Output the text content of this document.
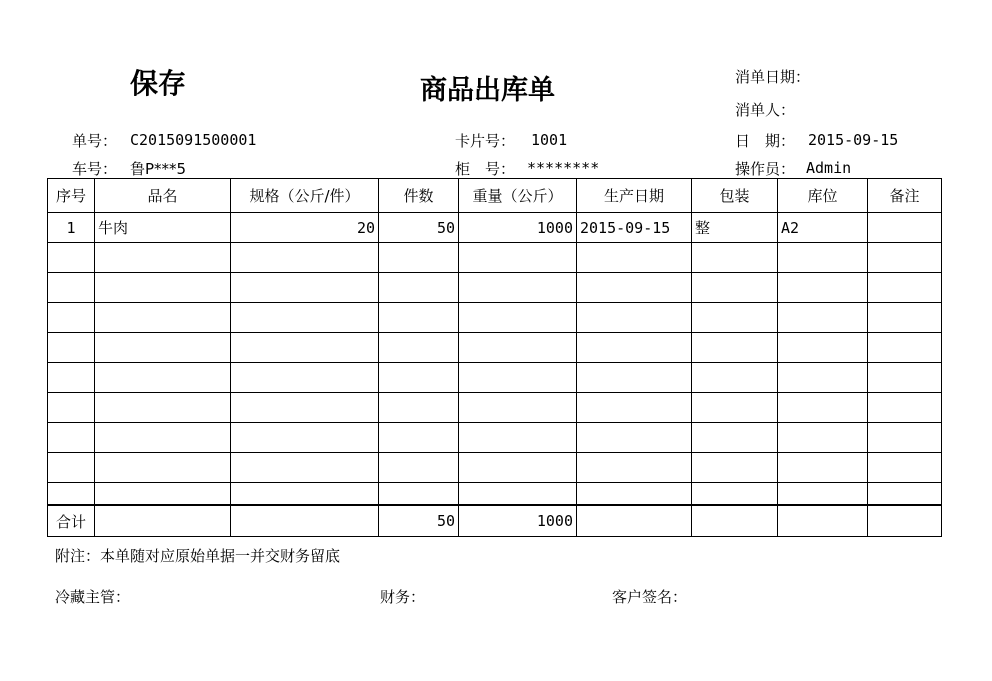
保存	商品出库单	消单日期：
消单人：
单号： C2015091500001	卡片号： 1001	日　期： 2015-09-15
车号： 鲁P***5	柜　号： ********	操作员： Admin
序号	品名	规格（公斤/件）	件数	重量（公斤）	生产日期	包装	库位	备注
1	牛肉	20	50	1000	2015-09-15	整	A2	

合计			50	1000				
附注：本单随对应原始单据一并交财务留底
冷藏主管：	财务：	客户签名：
